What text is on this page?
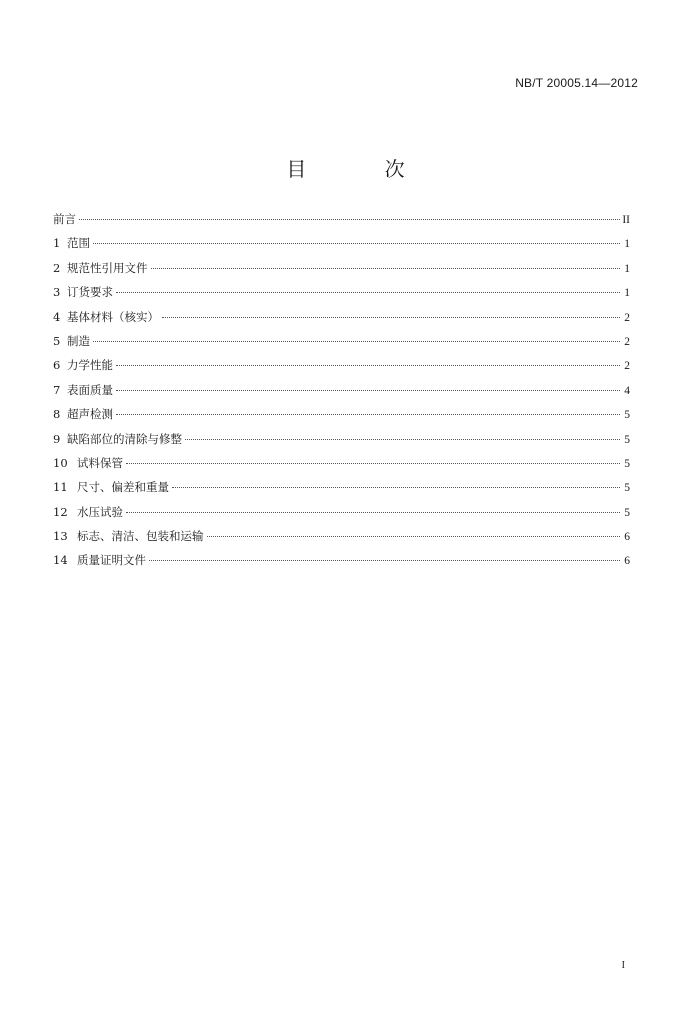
NB/T 20005.14—2012
目 次
前言	II
1 范围	1
2 规范性引用文件	1
3 订货要求	1
4 基体材料（核实）	2
5 制造	2
6 力学性能	2
7 表面质量	4
8 超声检测	5
9 缺陷部位的清除与修整	5
10 试料保管	5
11 尺寸、偏差和重量	5
12 水压试验	5
13 标志、清洁、包装和运输	6
14 质量证明文件	6
I
